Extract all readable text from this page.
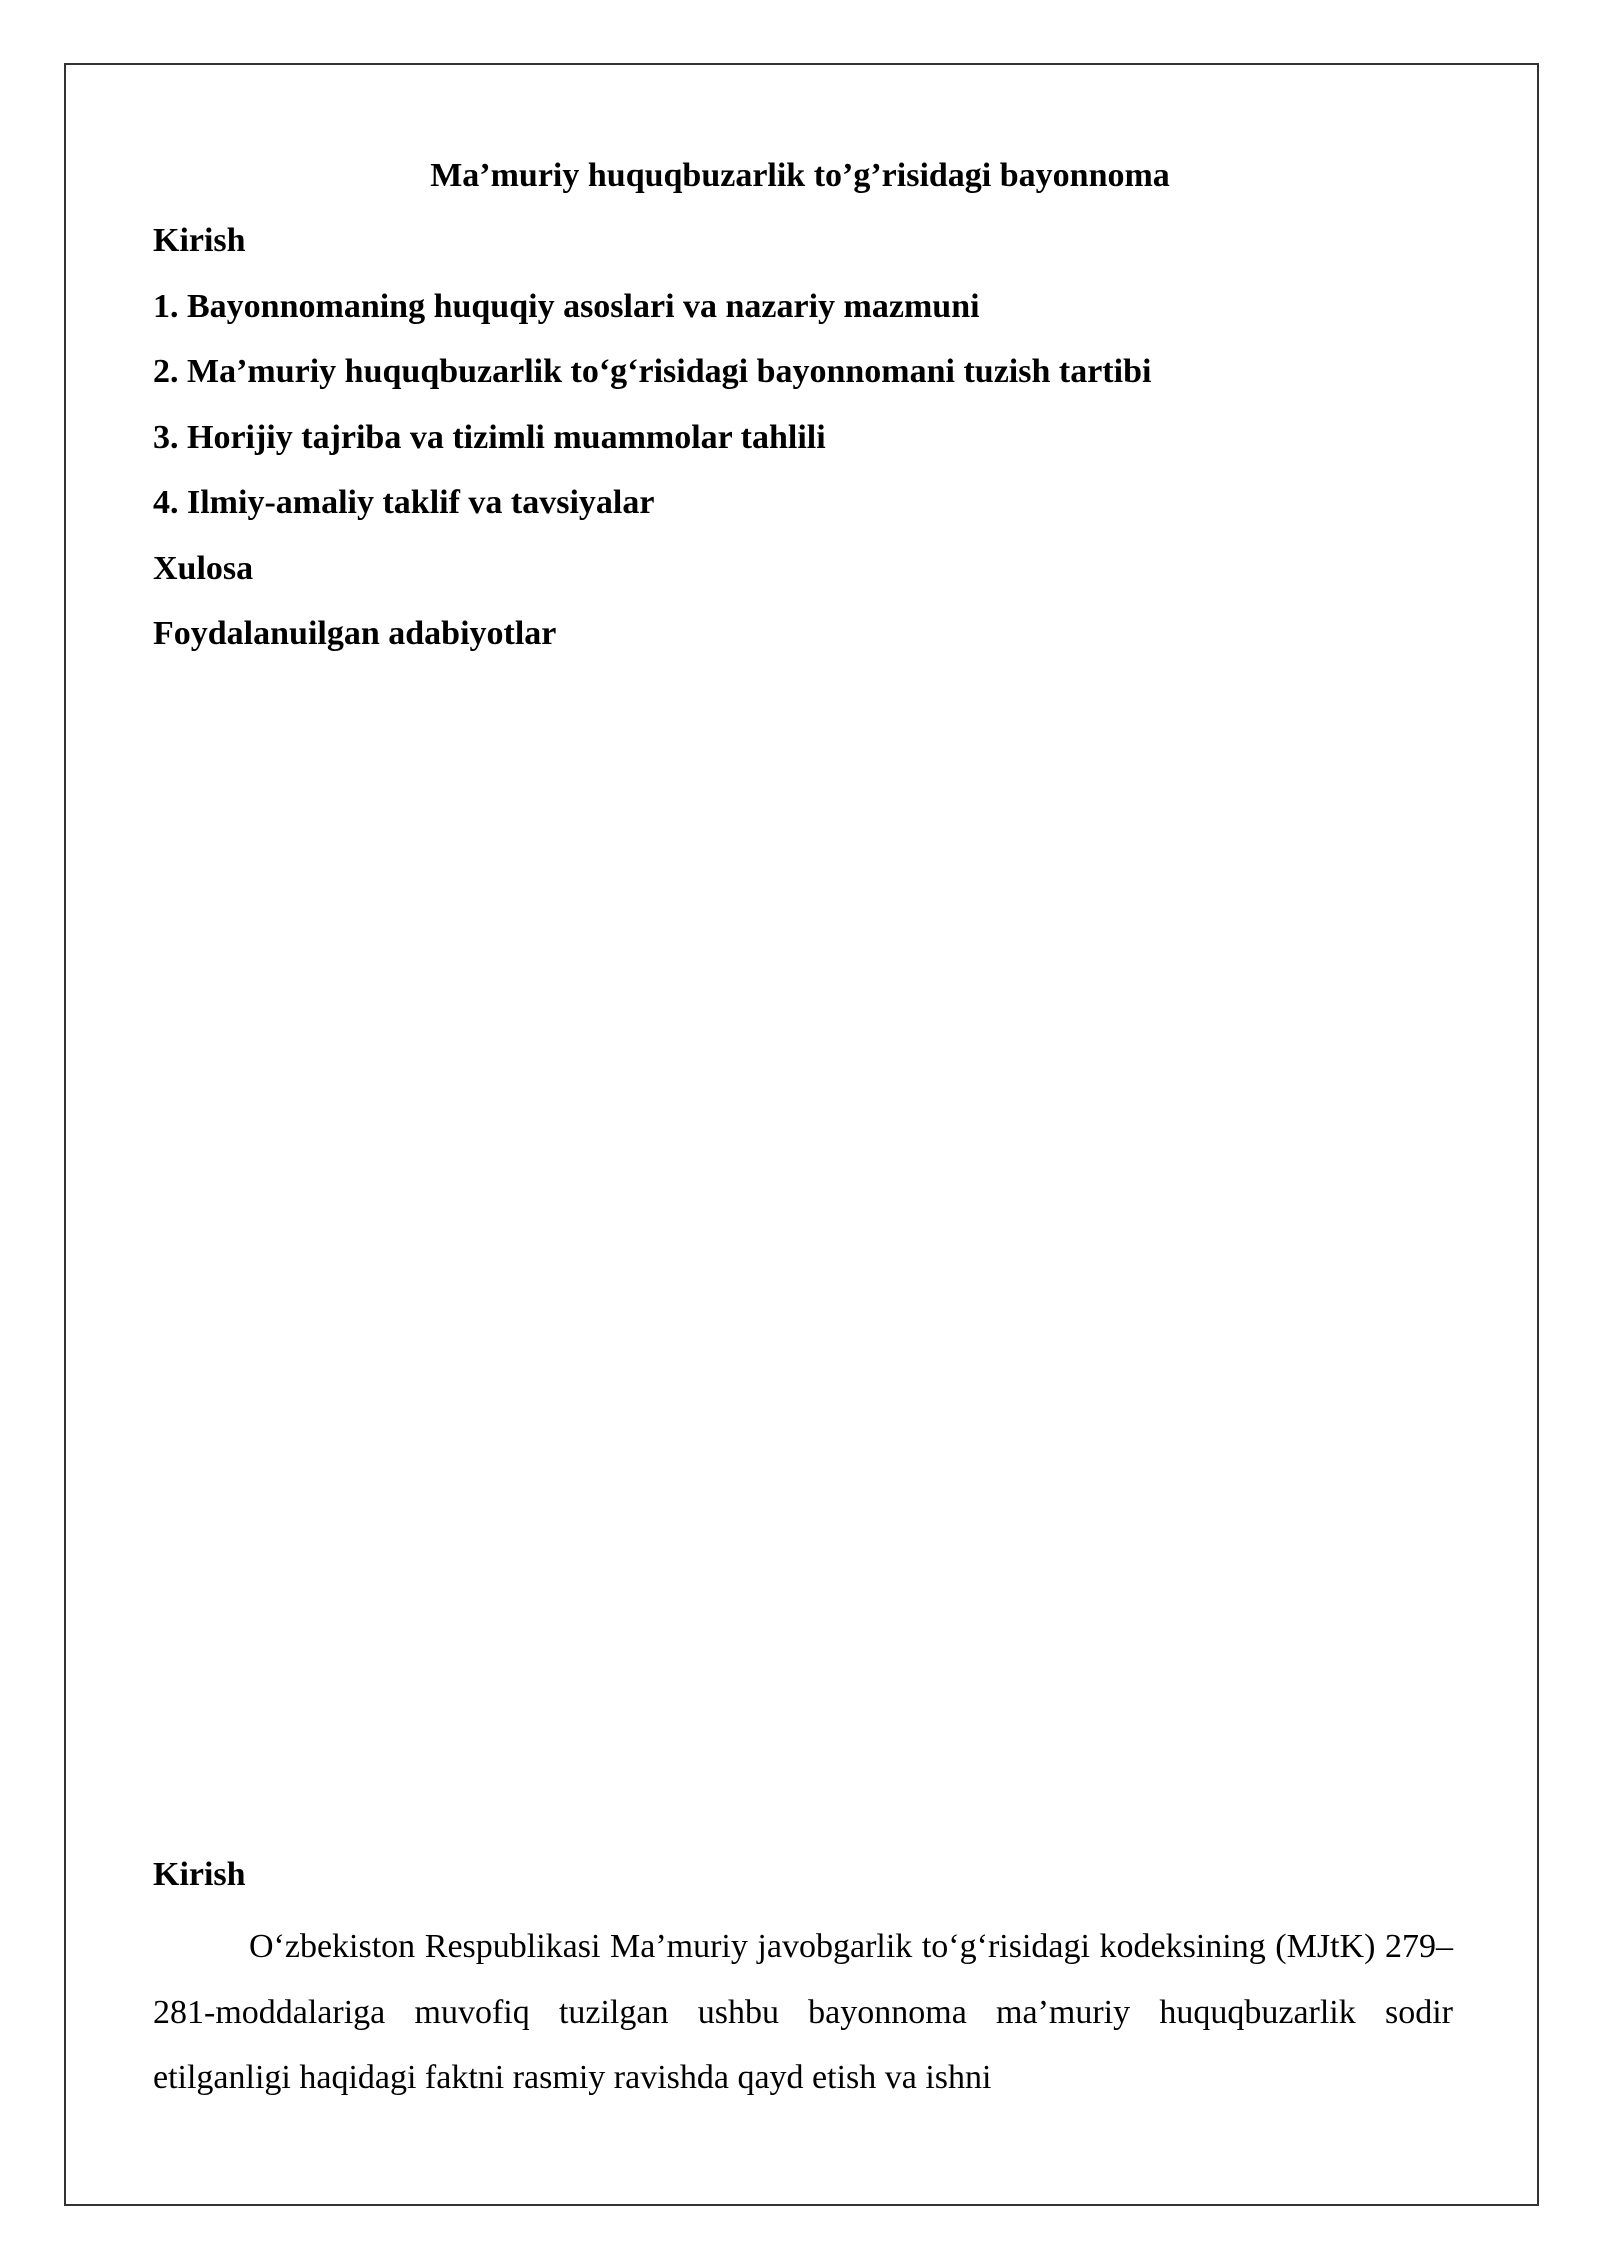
Ma’muriy huquqbuzarlik to’g’risidagi bayonnoma
Kirish
1. Bayonnomaning huquqiy asoslari va nazariy mazmuni
2. Ma’muriy huquqbuzarlik to‘g‘risidagi bayonnomani tuzish tartibi
3. Horijiy tajriba va tizimli muammolar tahlili
4. Ilmiy-amaliy taklif va tavsiyalar
Xulosa
Foydalanuilgan adabiyotlar
Kirish

O‘zbekiston Respublikasi Ma’muriy javobgarlik to‘g‘risidagi kodeksining (MJtK) 279–281-moddalariga muvofiq tuzilgan ushbu bayonnoma ma’muriy huquqbuzarlik sodir etilganligi haqidagi faktni rasmiy ravishda qayd etish va ishni
